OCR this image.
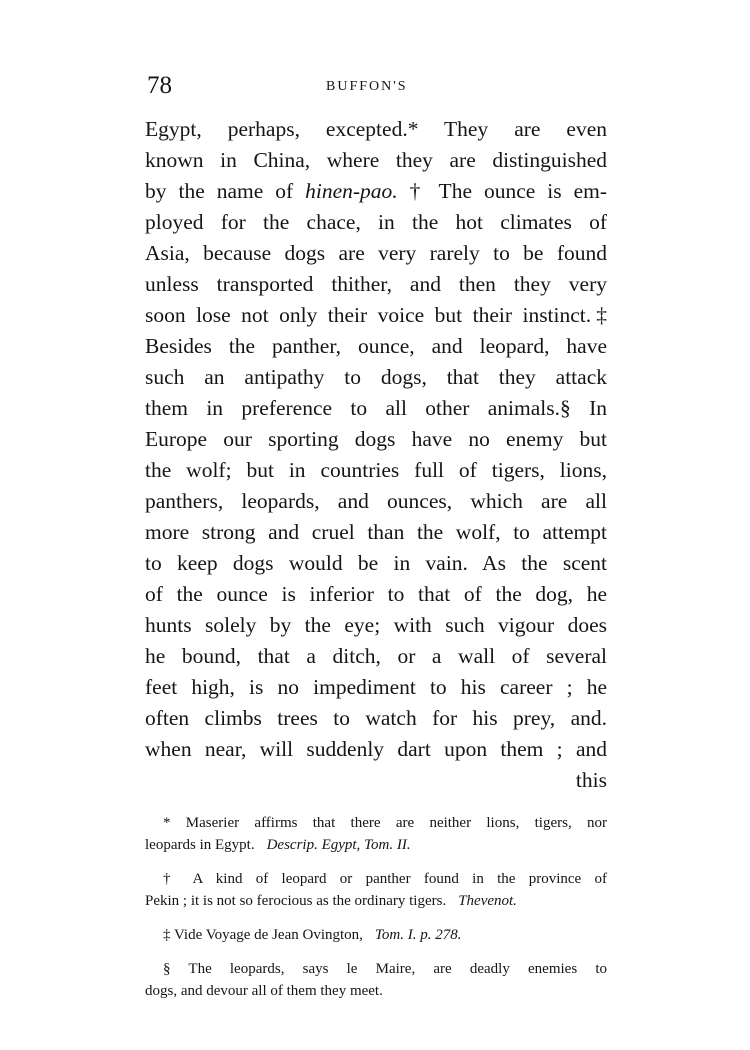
78	BUFFON'S
Egypt, perhaps, excepted.* They are even
known in China, where they are distinguished
by the name of hinen-pao. † The ounce is em-
ployed for the chace, in the hot climates of
Asia, because dogs are very rarely to be found
unless transported thither, and then they very
soon lose not only their voice but their instinct.‡
Besides the panther, ounce, and leopard, have
such an antipathy to dogs, that they attack
them in preference to all other animals.§ In
Europe our sporting dogs have no enemy but
the wolf; but in countries full of tigers, lions,
panthers, leopards, and ounces, which are all
more strong and cruel than the wolf, to attempt
to keep dogs would be in vain. As the scent
of the ounce is inferior to that of the dog, he
hunts solely by the eye; with such vigour does
he bound, that a ditch, or a wall of several
feet high, is no impediment to his career ; he
often climbs trees to watch for his prey, and.
when near, will suddenly dart upon them ; and
this
* Maserier affirms that there are neither lions, tigers, nor
leopards in Egypt. Descrip. Egypt, Tom. II.
† A kind of leopard or panther found in the province of
Pekin ; it is not so ferocious as the ordinary tigers. Thevenot.
‡ Vide Voyage de Jean Ovington, Tom. I. p. 278.
§ The leopards, says le Maire, are deadly enemies to
dogs, and devour all of them they meet.
